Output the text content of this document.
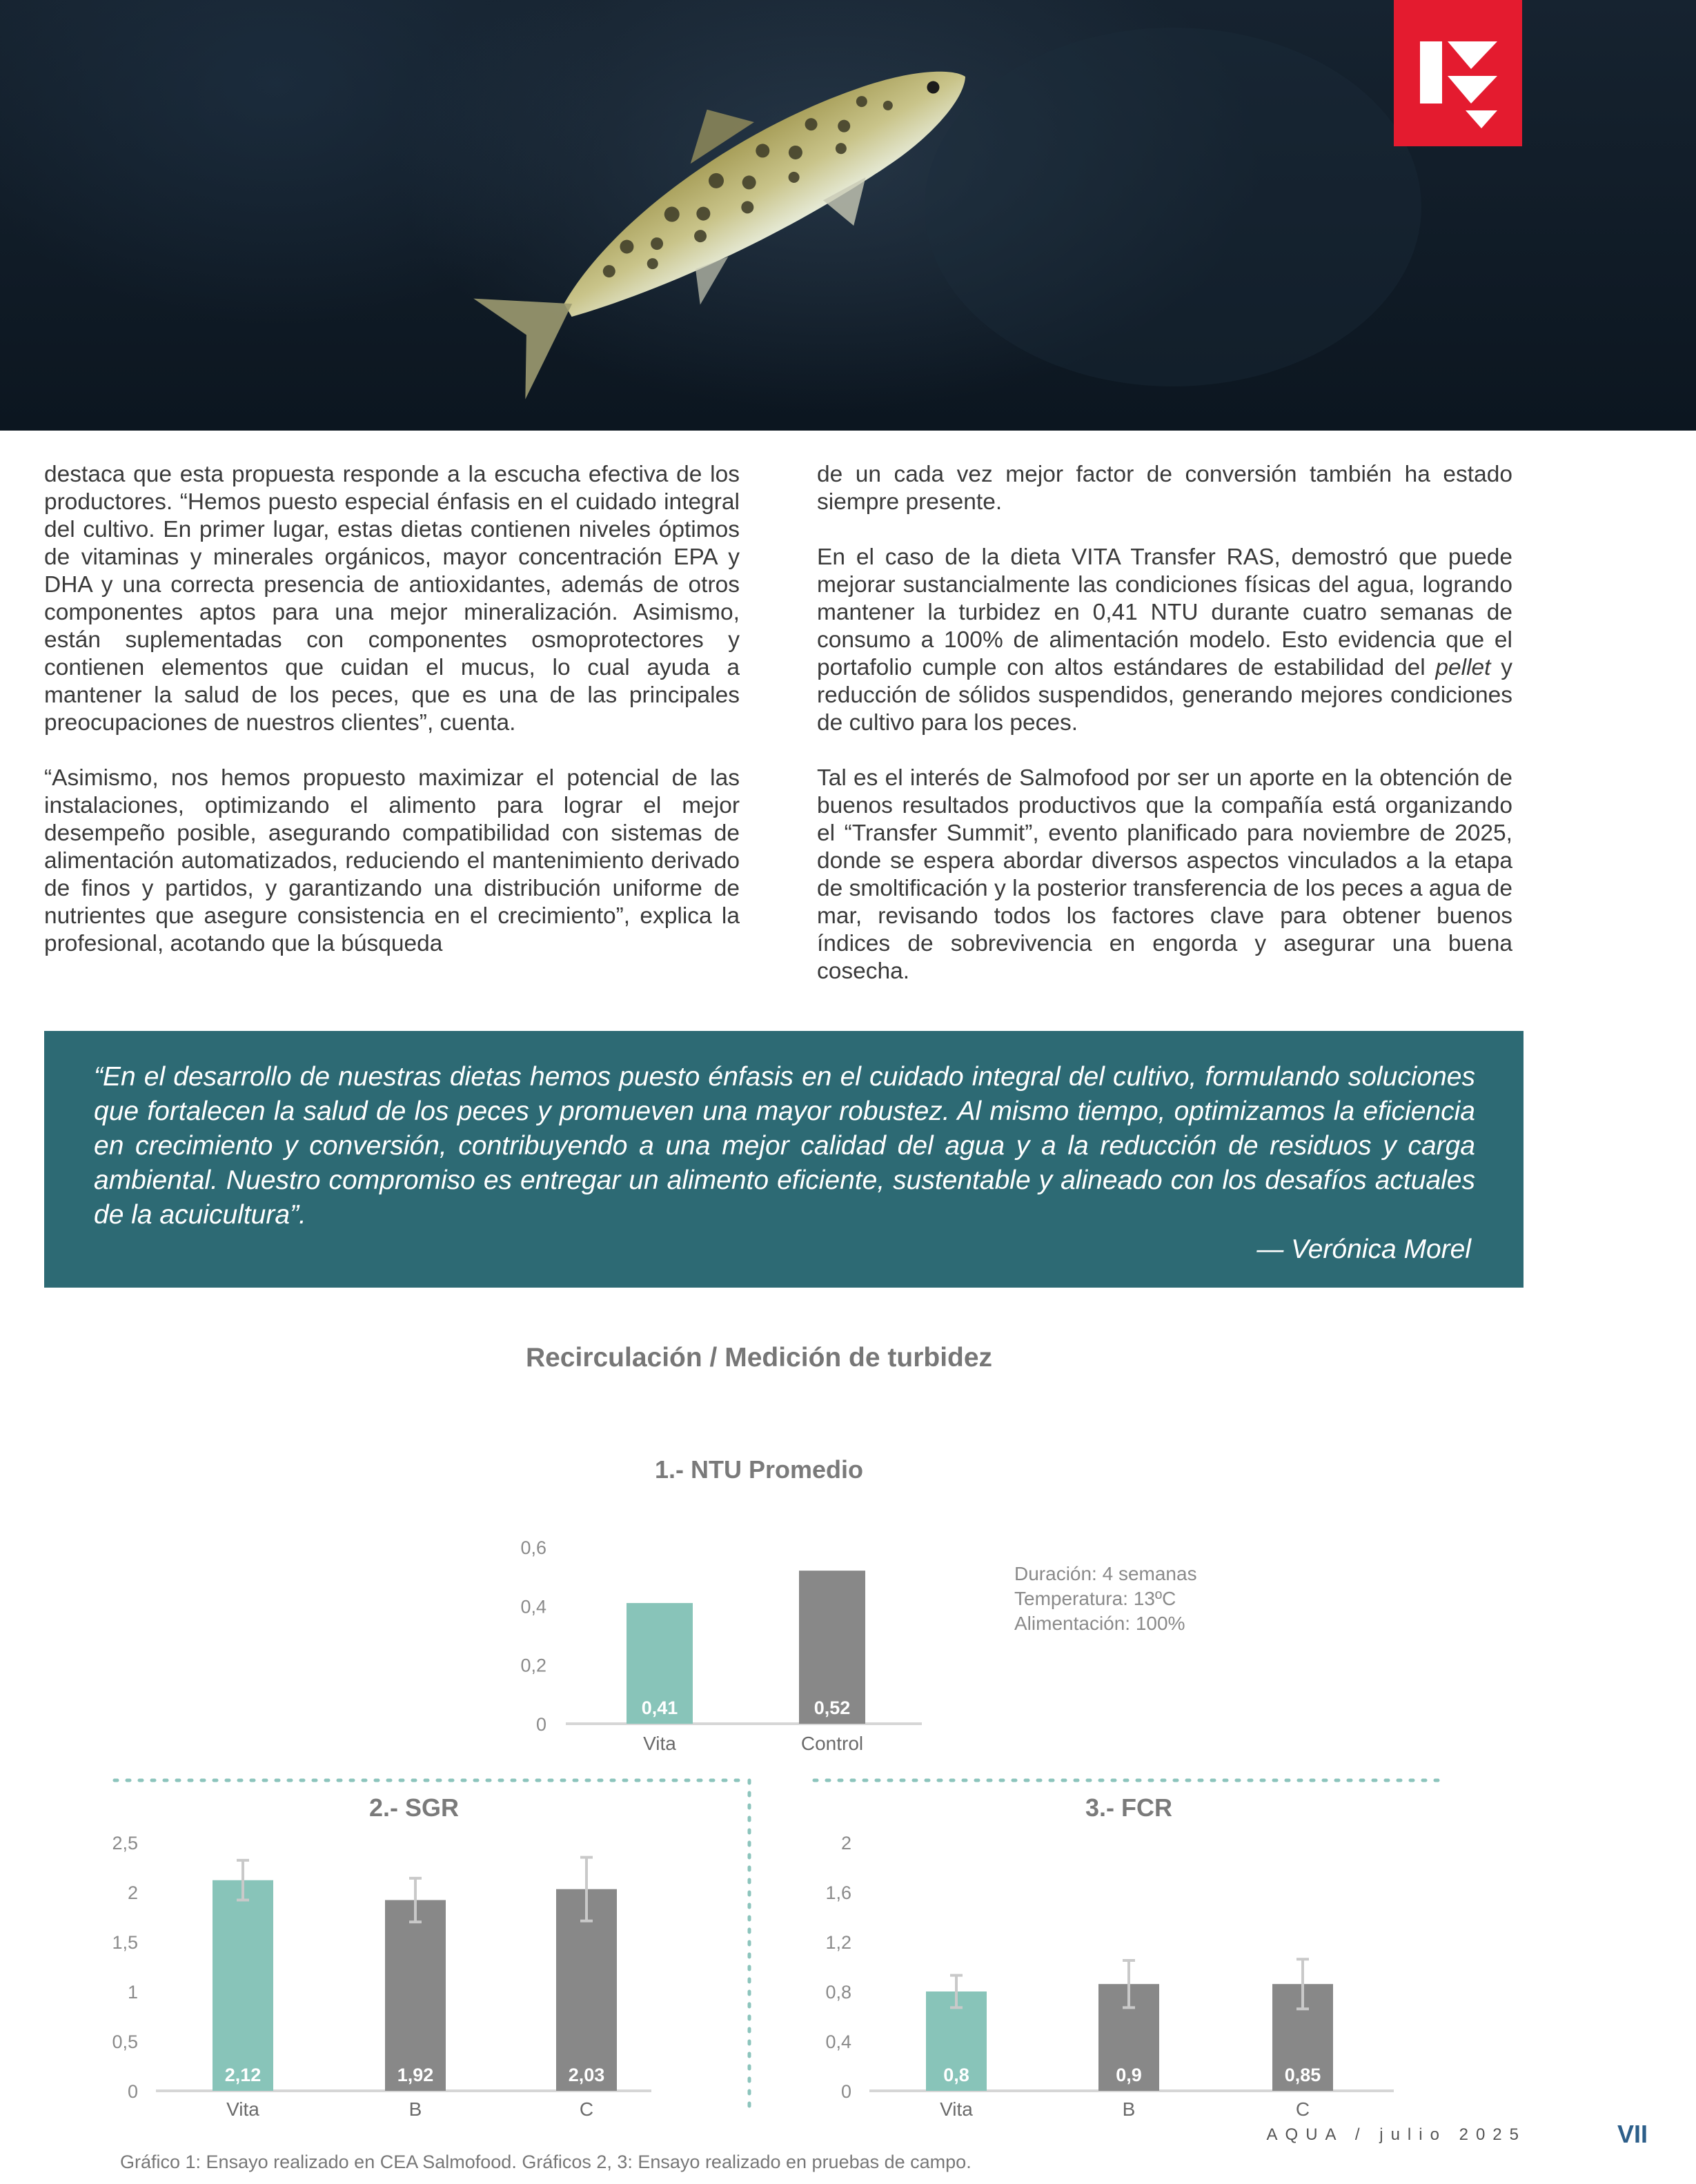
destaca que esta propuesta responde a la escucha efectiva de los productores. “Hemos puesto especial énfasis en el cuidado integral del cultivo. En primer lugar, estas dietas contienen niveles óptimos de vitaminas y minerales orgánicos, mayor concentración EPA y DHA y una correcta presencia de antioxidantes, además de otros componentes aptos para una mejor mineralización. Asimismo, están suplementadas con componentes osmoprotectores y contienen elementos que cuidan el mucus, lo cual ayuda a mantener la salud de los peces, que es una de las principales preocupaciones de nuestros clientes”, cuenta.

“Asimismo, nos hemos propuesto maximizar el potencial de las instalaciones, optimizando el alimento para lograr el mejor desempeño posible, asegurando compatibilidad con sistemas de alimentación automatizados, reduciendo el mantenimiento derivado de finos y partidos, y garantizando una distribución uniforme de nutrientes que asegure consistencia en el crecimiento”, explica la profesional, acotando que la búsqueda

de un cada vez mejor factor de conversión también ha estado siempre presente.

En el caso de la dieta VITA Transfer RAS, demostró que puede mejorar sustancialmente las condiciones físicas del agua, logrando mantener la turbidez en 0,41 NTU durante cuatro semanas de consumo a 100% de alimentación modelo. Esto evidencia que el portafolio cumple con altos estándares de estabilidad del pellet y reducción de sólidos suspendidos, generando mejores condiciones de cultivo para los peces.

Tal es el interés de Salmofood por ser un aporte en la obtención de buenos resultados productivos que la compañía está organizando el “Transfer Summit”, evento planificado para noviembre de 2025, donde se espera abordar diversos aspectos vinculados a la etapa de smoltificación y la posterior transferencia de los peces a agua de mar, revisando todos los factores clave para obtener buenos índices de sobrevivencia en engorda y asegurar una buena cosecha.

“En el desarrollo de nuestras dietas hemos puesto énfasis en el cuidado integral del cultivo, formulando soluciones que fortalecen la salud de los peces y promueven una mayor robustez. Al mismo tiempo, optimizamos la eficiencia en crecimiento y conversión, contribuyendo a una mejor calidad del agua y a la reducción de residuos y carga ambiental. Nuestro compromiso es entregar un alimento eficiente, sustentable y alineado con los desafíos actuales de la acuicultura”.

— Verónica Morel

Recirculación / Medición de turbidez
1.- NTU Promedio
0
0,2
0,4
0,6
0,41
Vita
0,52
Control
Duración: 4 semanas
Temperatura: 13ºC
Alimentación: 100%
2.- SGR
0
0,5
1
1,5
2
2,5
2,12
Vita
1,92
B
2,03
C
3.- FCR
0
0,4
0,8
1,2
1,6
2
0,8
Vita
0,9
B
0,85
C
Gráfico 1: Ensayo realizado en CEA Salmofood. Gráficos 2, 3: Ensayo realizado en pruebas de campo.
AQUA / julio 2025	VII
